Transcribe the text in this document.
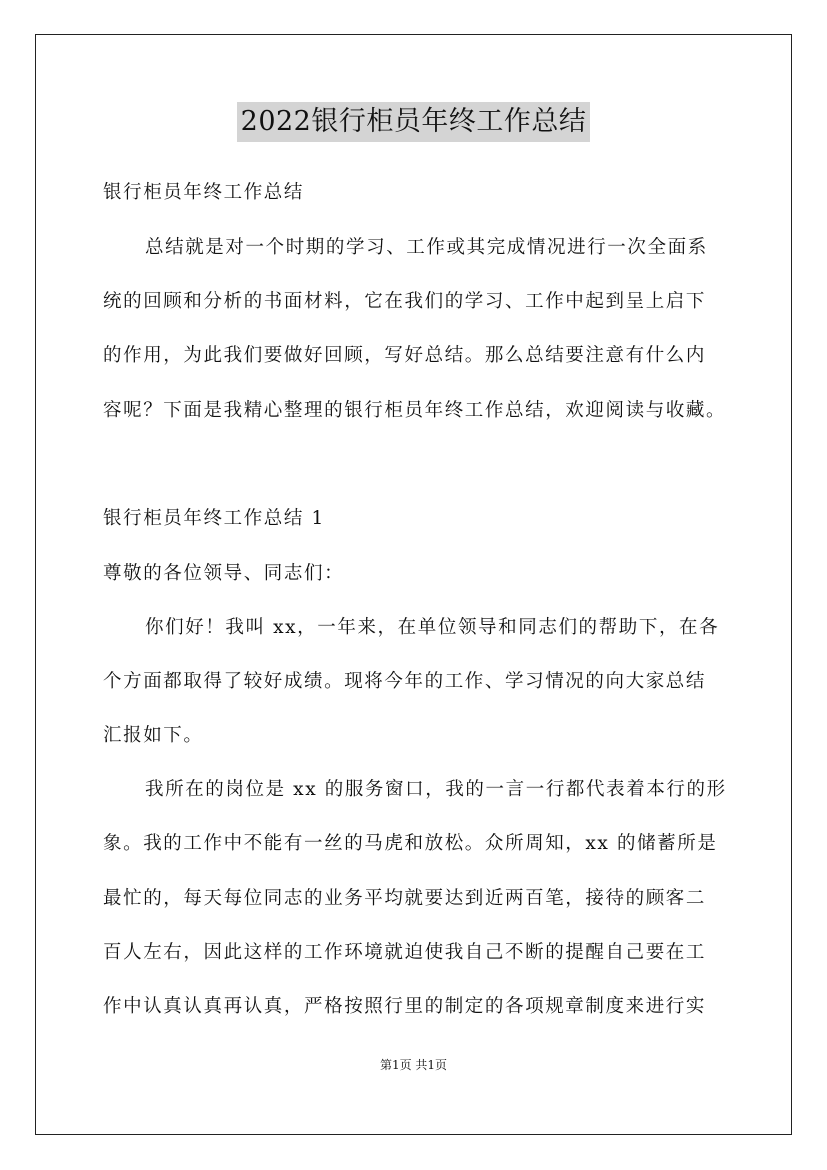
2022银行柜员年终工作总结
银行柜员年终工作总结
总结就是对一个时期的学习、工作或其完成情况进行一次全面系
统的回顾和分析的书面材料，它在我们的学习、工作中起到呈上启下
的作用，为此我们要做好回顾，写好总结。那么总结要注意有什么内
容呢？下面是我精心整理的银行柜员年终工作总结，欢迎阅读与收藏。
银行柜员年终工作总结 1
尊敬的各位领导、同志们：
你们好！我叫 xx，一年来，在单位领导和同志们的帮助下，在各
个方面都取得了较好成绩。现将今年的工作、学习情况的向大家总结
汇报如下。
我所在的岗位是 xx 的服务窗口，我的一言一行都代表着本行的形
象。我的工作中不能有一丝的马虎和放松。众所周知，xx 的储蓄所是
最忙的，每天每位同志的业务平均就要达到近两百笔，接待的顾客二
百人左右，因此这样的工作环境就迫使我自己不断的提醒自己要在工
作中认真认真再认真，严格按照行里的制定的各项规章制度来进行实
第1页 共1页
